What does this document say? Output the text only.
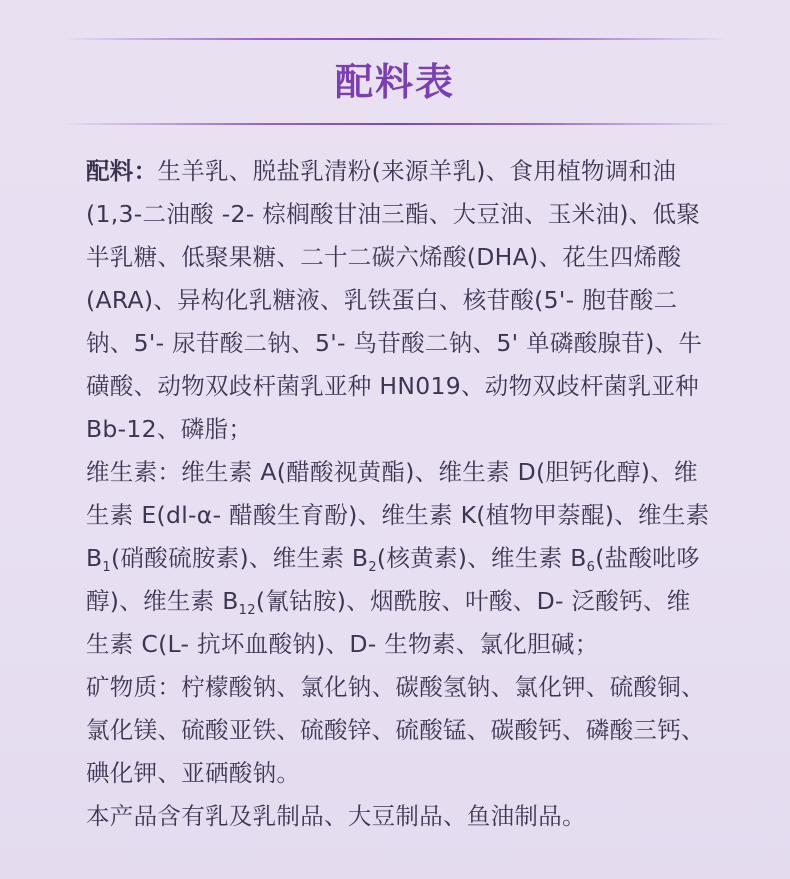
配料表

配料：生羊乳、脱盐乳清粉(来源羊乳)、食用植物调和油(1,3-二油酸 -2- 棕榈酸甘油三酯、大豆油、玉米油)、低聚半乳糖、低聚果糖、二十二碳六烯酸(DHA)、花生四烯酸(ARA)、异构化乳糖液、乳铁蛋白、核苷酸(5'- 胞苷酸二钠、5'- 尿苷酸二钠、5'- 鸟苷酸二钠、5' 单磷酸腺苷)、牛磺酸、动物双歧杆菌乳亚种 HN019、动物双歧杆菌乳亚种 Bb-12、磷脂；

维生素：维生素 A(醋酸视黄酯)、维生素 D(胆钙化醇)、维生素 E(dl-α- 醋酸生育酚)、维生素 K(植物甲萘醌)、维生素 $B_1$(硝酸硫胺素)、维生素 $B_2$(核黄素)、维生素 $B_6$(盐酸吡哆醇)、维生素 $B_{12}$(氰钴胺)、烟酰胺、叶酸、D- 泛酸钙、维生素 C(L- 抗坏血酸钠)、D- 生物素、氯化胆碱；

矿物质：柠檬酸钠、氯化钠、碳酸氢钠、氯化钾、硫酸铜、氯化镁、硫酸亚铁、硫酸锌、硫酸锰、碳酸钙、磷酸三钙、碘化钾、亚硒酸钠。

本产品含有乳及乳制品、大豆制品、鱼油制品。
